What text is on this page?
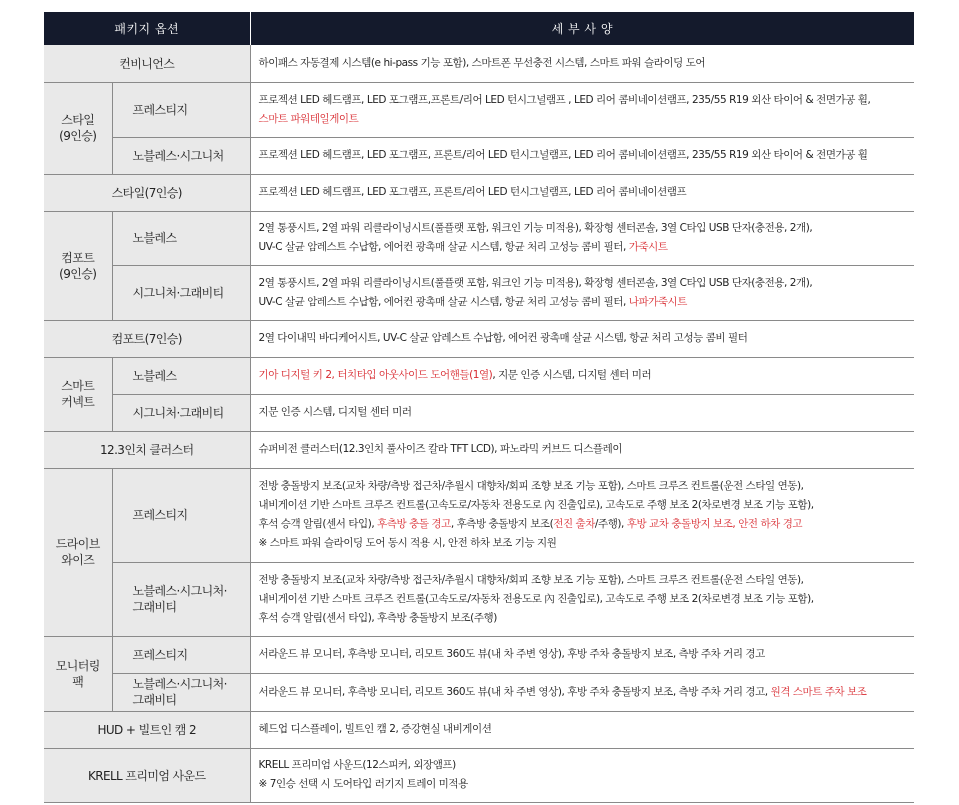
패키지 옵션		세 부 사 양
컨비니언스		하이패스 자동결제 시스템(e hi-pass 기능 포함), 스마트폰 무선충전 시스템, 스마트 파워 슬라이딩 도어
스타일
(9인승)	프레스티지	프로젝션 LED 헤드램프, LED 포그램프,프론트/리어 LED 턴시그널램프 , LED 리어 콤비네이션램프, 235/55 R19 외산 타이어 & 전면가공 휠,
스마트 파워테일게이트

	노블레스·시그니처	프로젝션 LED 헤드램프, LED 포그램프, 프론트/리어 LED 턴시그널램프, LED 리어 콤비네이션램프, 235/55 R19 외산 타이어 & 전면가공 휠
스타일(7인승)		프로젝션 LED 헤드램프, LED 포그램프, 프론트/리어 LED 턴시그널램프, LED 리어 콤비네이션램프
컴포트
(9인승)	노블레스	2열 통풍시트, 2열 파워 리클라이닝시트(풀플랫 포함, 워크인 기능 미적용), 확장형 센터콘솔, 3열 C타입 USB 단자(충전용, 2개),
UV-C 살균 암레스트 수납함, 에어컨 광촉매 살균 시스템, 항균 처리 고성능 콤비 필터, 가죽시트
	시그니처·그래비티	2열 통풍시트, 2열 파워 리클라이닝시트(풀플랫 포함, 워크인 기능 미적용), 확장형 센터콘솔, 3열 C타입 USB 단자(충전용, 2개),
UV-C 살균 암레스트 수납함, 에어컨 광촉매 살균 시스템, 항균 처리 고성능 콤비 필터, 나파가죽시트
컴포트(7인승)		2열 다이내믹 바디케어시트, UV-C 살균 암레스트 수납함, 에어컨 광촉매 살균 시스템, 항균 처리 고성능 콤비 필터
스마트
커넥트	노블레스	기아 디지털 키 2, 터치타입 아웃사이드 도어핸들(1열), 지문 인증 시스템, 디지털 센터 미러
	시그니처·그래비티	지문 인증 시스템, 디지털 센터 미러
12.3인치 클러스터		슈퍼비전 클러스터(12.3인치 풀사이즈 칼라 TFT LCD), 파노라믹 커브드 디스플레이
드라이브
와이즈	프레스티지	전방 충돌방지 보조(교차 차량/측방 접근차/추월시 대향차/회피 조향 보조 기능 포함), 스마트 크루즈 컨트롤(운전 스타일 연동),
내비게이션 기반 스마트 크루즈 컨트롤(고속도로/자동차 전용도로 內 진출입로), 고속도로 주행 보조 2(차로변경 보조 기능 포함),
후석 승객 알림(센서 타입), 후측방 충돌 경고, 후측방 충돌방지 보조(전진 출차/주행), 후방 교차 충돌방지 보조, 안전 하차 경고
※ 스마트 파워 슬라이딩 도어 동시 적용 시, 안전 하차 보조 기능 지원

	노블레스·시그니처·
그래비티	전방 충돌방지 보조(교차 차량/측방 접근차/추월시 대향차/회피 조향 보조 기능 포함), 스마트 크루즈 컨트롤(운전 스타일 연동),
내비게이션 기반 스마트 크루즈 컨트롤(고속도로/자동차 전용도로 內 진출입로), 고속도로 주행 보조 2(차로변경 보조 기능 포함),
후석 승객 알림(센서 타입), 후측방 충돌방지 보조(주행)

모니터링
팩	프레스티지	서라운드 뷰 모니터, 후측방 모니터, 리모트 360도 뷰(내 차 주변 영상), 후방 주차 충돌방지 보조, 측방 주차 거리 경고

	노블레스·시그니처·
그래비티	서라운드 뷰 모니터, 후측방 모니터, 리모트 360도 뷰(내 차 주변 영상), 후방 주차 충돌방지 보조, 측방 주차 거리 경고, 원격 스마트 주차 보조
HUD + 빌트인 캠 2		헤드업 디스플레이, 빌트인 캠 2, 증강현실 내비게이션
KRELL 프리미엄 사운드		KRELL 프리미엄 사운드(12스피커, 외장앰프)
※ 7인승 선택 시 도어타입 러기지 트레이 미적용
